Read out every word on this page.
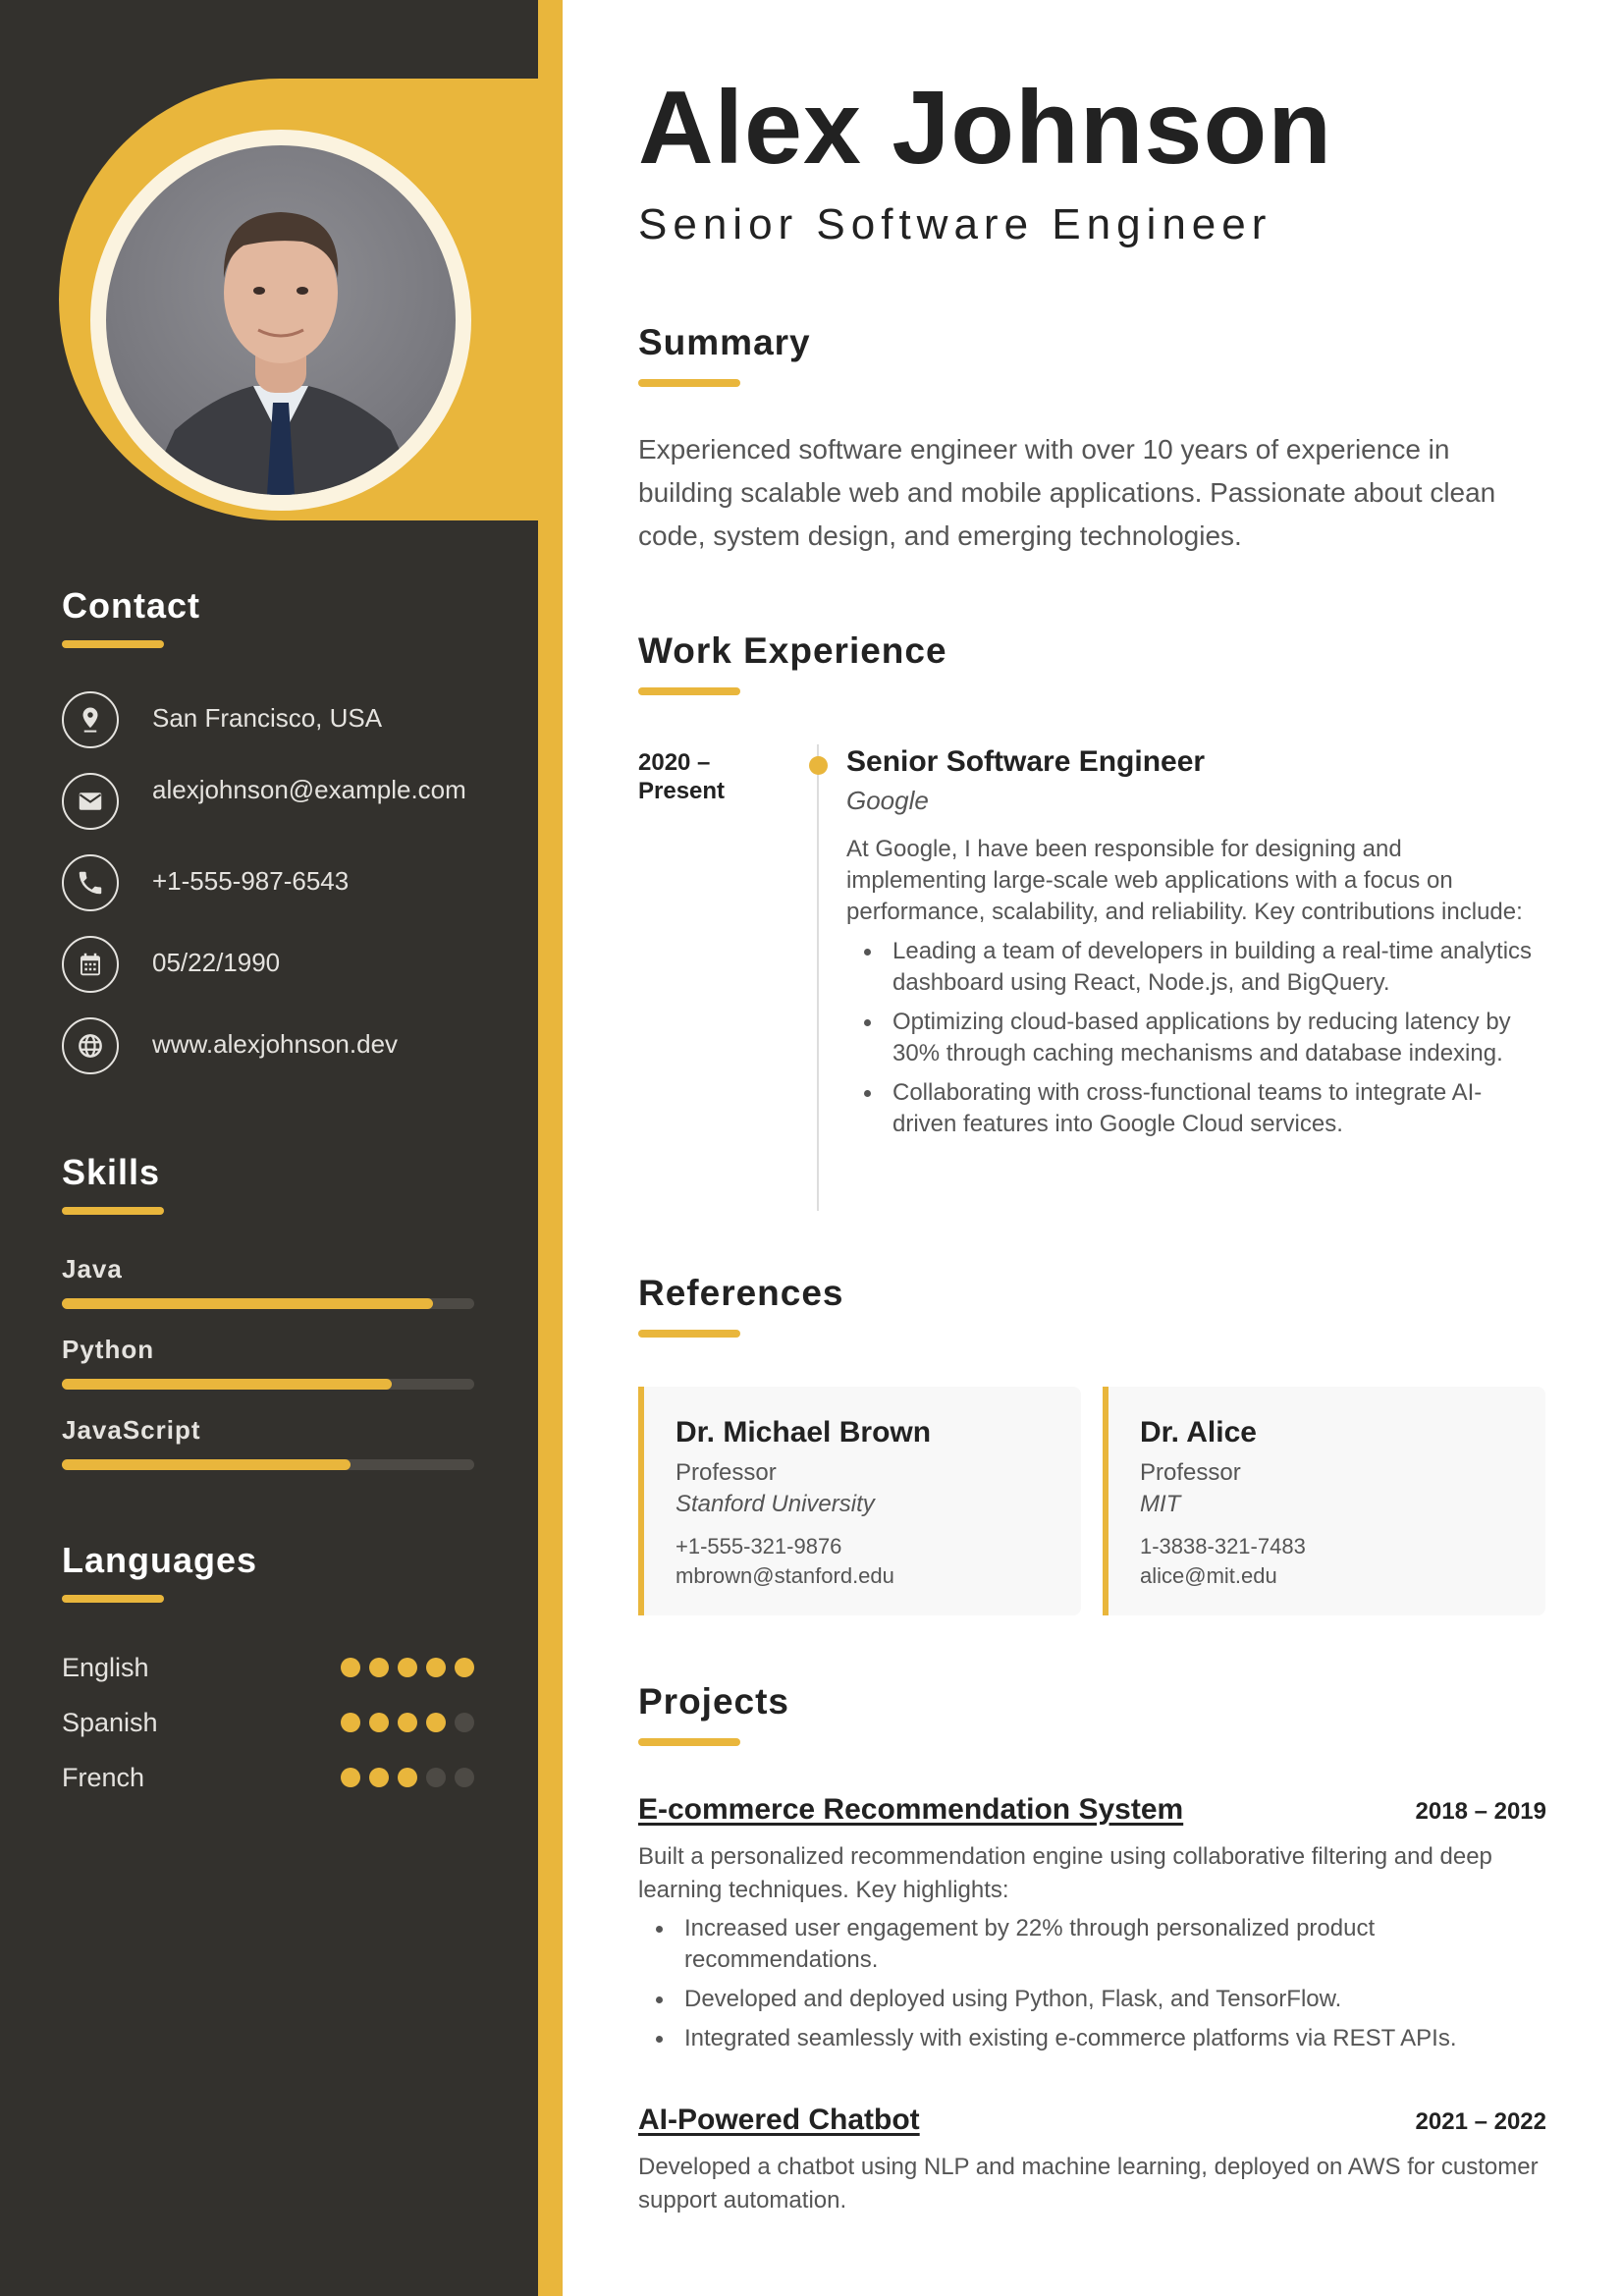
Contact
San Francisco, USA
alexjohnson@example.com
+1-555-987-6543
05/22/1990
www.alexjohnson.dev
Skills
Java
Python
JavaScript
Languages
English
Spanish
French
Alex Johnson
Senior Software Engineer
Summary
Experienced software engineer with over 10 years of experience in building scalable web and mobile applications. Passionate about clean code, system design, and emerging technologies.
Work Experience
2020 –
Present
Senior Software Engineer
Google
At Google, I have been responsible for designing and implementing large-scale web applications with a focus on performance, scalability, and reliability. Key contributions include:
Leading a team of developers in building a real-time analytics dashboard using React, Node.js, and BigQuery.
Optimizing cloud-based applications by reducing latency by 30% through caching mechanisms and database indexing.
Collaborating with cross-functional teams to integrate AI-driven features into Google Cloud services.
References
Dr. Michael Brown
Professor
Stanford University
+1-555-321-9876
mbrown@stanford.edu
Dr. Alice
Professor
MIT
1-3838-321-7483
alice@mit.edu
Projects
E-commerce Recommendation System	2018 – 2019
Built a personalized recommendation engine using collaborative filtering and deep learning techniques. Key highlights:
Increased user engagement by 22% through personalized product recommendations.
Developed and deployed using Python, Flask, and TensorFlow.
Integrated seamlessly with existing e-commerce platforms via REST APIs.
AI-Powered Chatbot	2021 – 2022
Developed a chatbot using NLP and machine learning, deployed on AWS for customer support automation.
